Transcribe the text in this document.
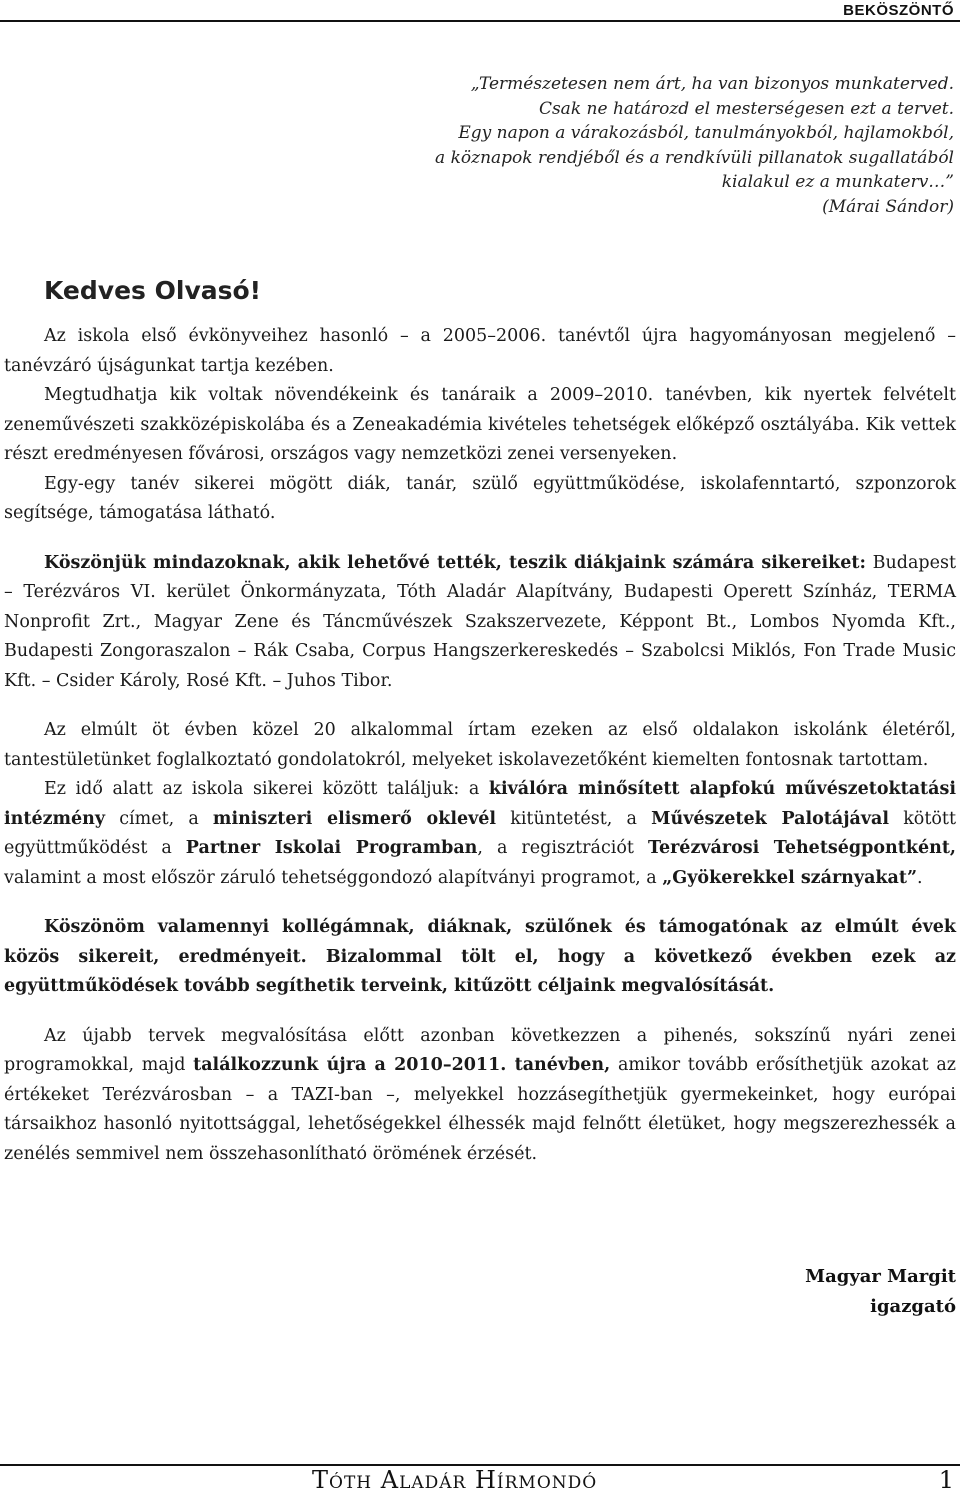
BEKÖSZÖNTŐ
„Természetesen nem árt, ha van bizonyos munkaterved.
Csak ne határozd el mesterségesen ezt a tervet.
Egy napon a várakozásból, tanulmányokból, hajlamokból,
a köznapok rendjéből és a rendkívüli pillanatok sugallatából
kialakul ez a munkaterv…”
(Márai Sándor)
Kedves Olvasó!

Az iskola első évkönyveihez hasonló – a 2005–2006. tanévtől újra hagyományosan megjelenő – tanévzáró újságunkat tartja kezében.

Megtudhatja kik voltak növendékeink és tanáraik a 2009–2010. tanévben, kik nyertek felvételt zeneművészeti szakközépiskolába és a Zeneakadémia kivételes tehetségek előképző osztályába. Kik vettek részt eredményesen fővárosi, országos vagy nemzetközi zenei versenyeken.

Egy-egy tanév sikerei mögött diák, tanár, szülő együttműködése, iskolafenntartó, szponzorok segítsége, támogatása látható.

Köszönjük mindazoknak, akik lehetővé tették, teszik diákjaink számára sikereiket: Budapest – Terézváros VI. kerület Önkormányzata, Tóth Aladár Alapítvány, Budapesti Operett Színház, TERMA Nonprofit Zrt., Magyar Zene és Táncművészek Szakszervezete, Képpont Bt., Lombos Nyomda Kft., Budapesti Zongoraszalon – Rák Csaba, Corpus Hangszerkereskedés – Szabolcsi Miklós, Fon Trade Music Kft. – Csider Károly, Rosé Kft. – Juhos Tibor.

Az elmúlt öt évben közel 20 alkalommal írtam ezeken az első oldalakon iskolánk életéről, tantestületünket foglalkoztató gondolatokról, melyeket iskolavezetőként kiemelten fontosnak tartottam.

Ez idő alatt az iskola sikerei között találjuk: a kiválóra minősített alapfokú művészetoktatási intézmény címet, a miniszteri elismerő oklevél kitüntetést, a Művészetek Palotájával kötött együttműködést a Partner Iskolai Programban, a regisztrációt Terézvárosi Tehetségpontként, valamint a most először záruló tehetséggondozó alapítványi programot, a „Gyökerekkel szárnyakat”.

Köszönöm valamennyi kollégámnak, diáknak, szülőnek és támogatónak az elmúlt évek közös sikereit, eredményeit. Bizalommal tölt el, hogy a következő években ezek az együttműködések tovább segíthetik terveink, kitűzött céljaink megvalósítását.

Az újabb tervek megvalósítása előtt azonban következzen a pihenés, sokszínű nyári zenei programokkal, majd találkozzunk újra a 2010–2011. tanévben, amikor tovább erősíthetjük azokat az értékeket Terézvárosban – a TAZI-ban –, melyekkel hozzásegíthetjük gyermekeinket, hogy európai társaikhoz hasonló nyitottsággal, lehetőségekkel élhessék majd felnőtt életüket, hogy megszerezhessék a zenélés semmivel nem összehasonlítható örömének érzését.

Magyar Margit
igazgató
Tóth Aladár Hírmondó	1
